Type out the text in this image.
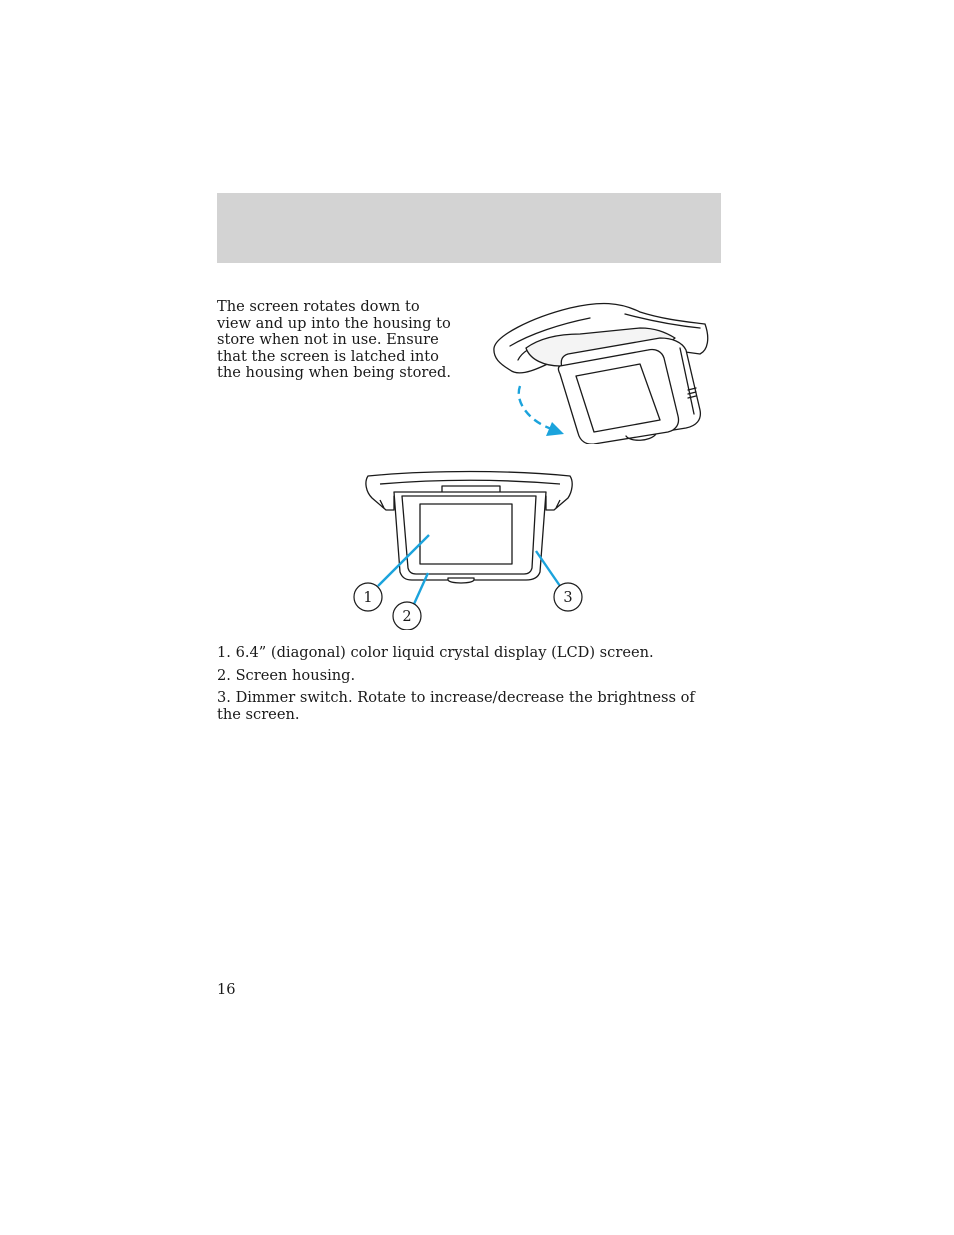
The screen rotates down to view and up into the housing to store when not in use. Ensure that the screen is latched into the housing when being stored.
1
2
3

1. 6.4” (diagonal) color liquid crystal display (LCD) screen.

2. Screen housing.

3. Dimmer switch. Rotate to increase/decrease the brightness of the screen.

16
